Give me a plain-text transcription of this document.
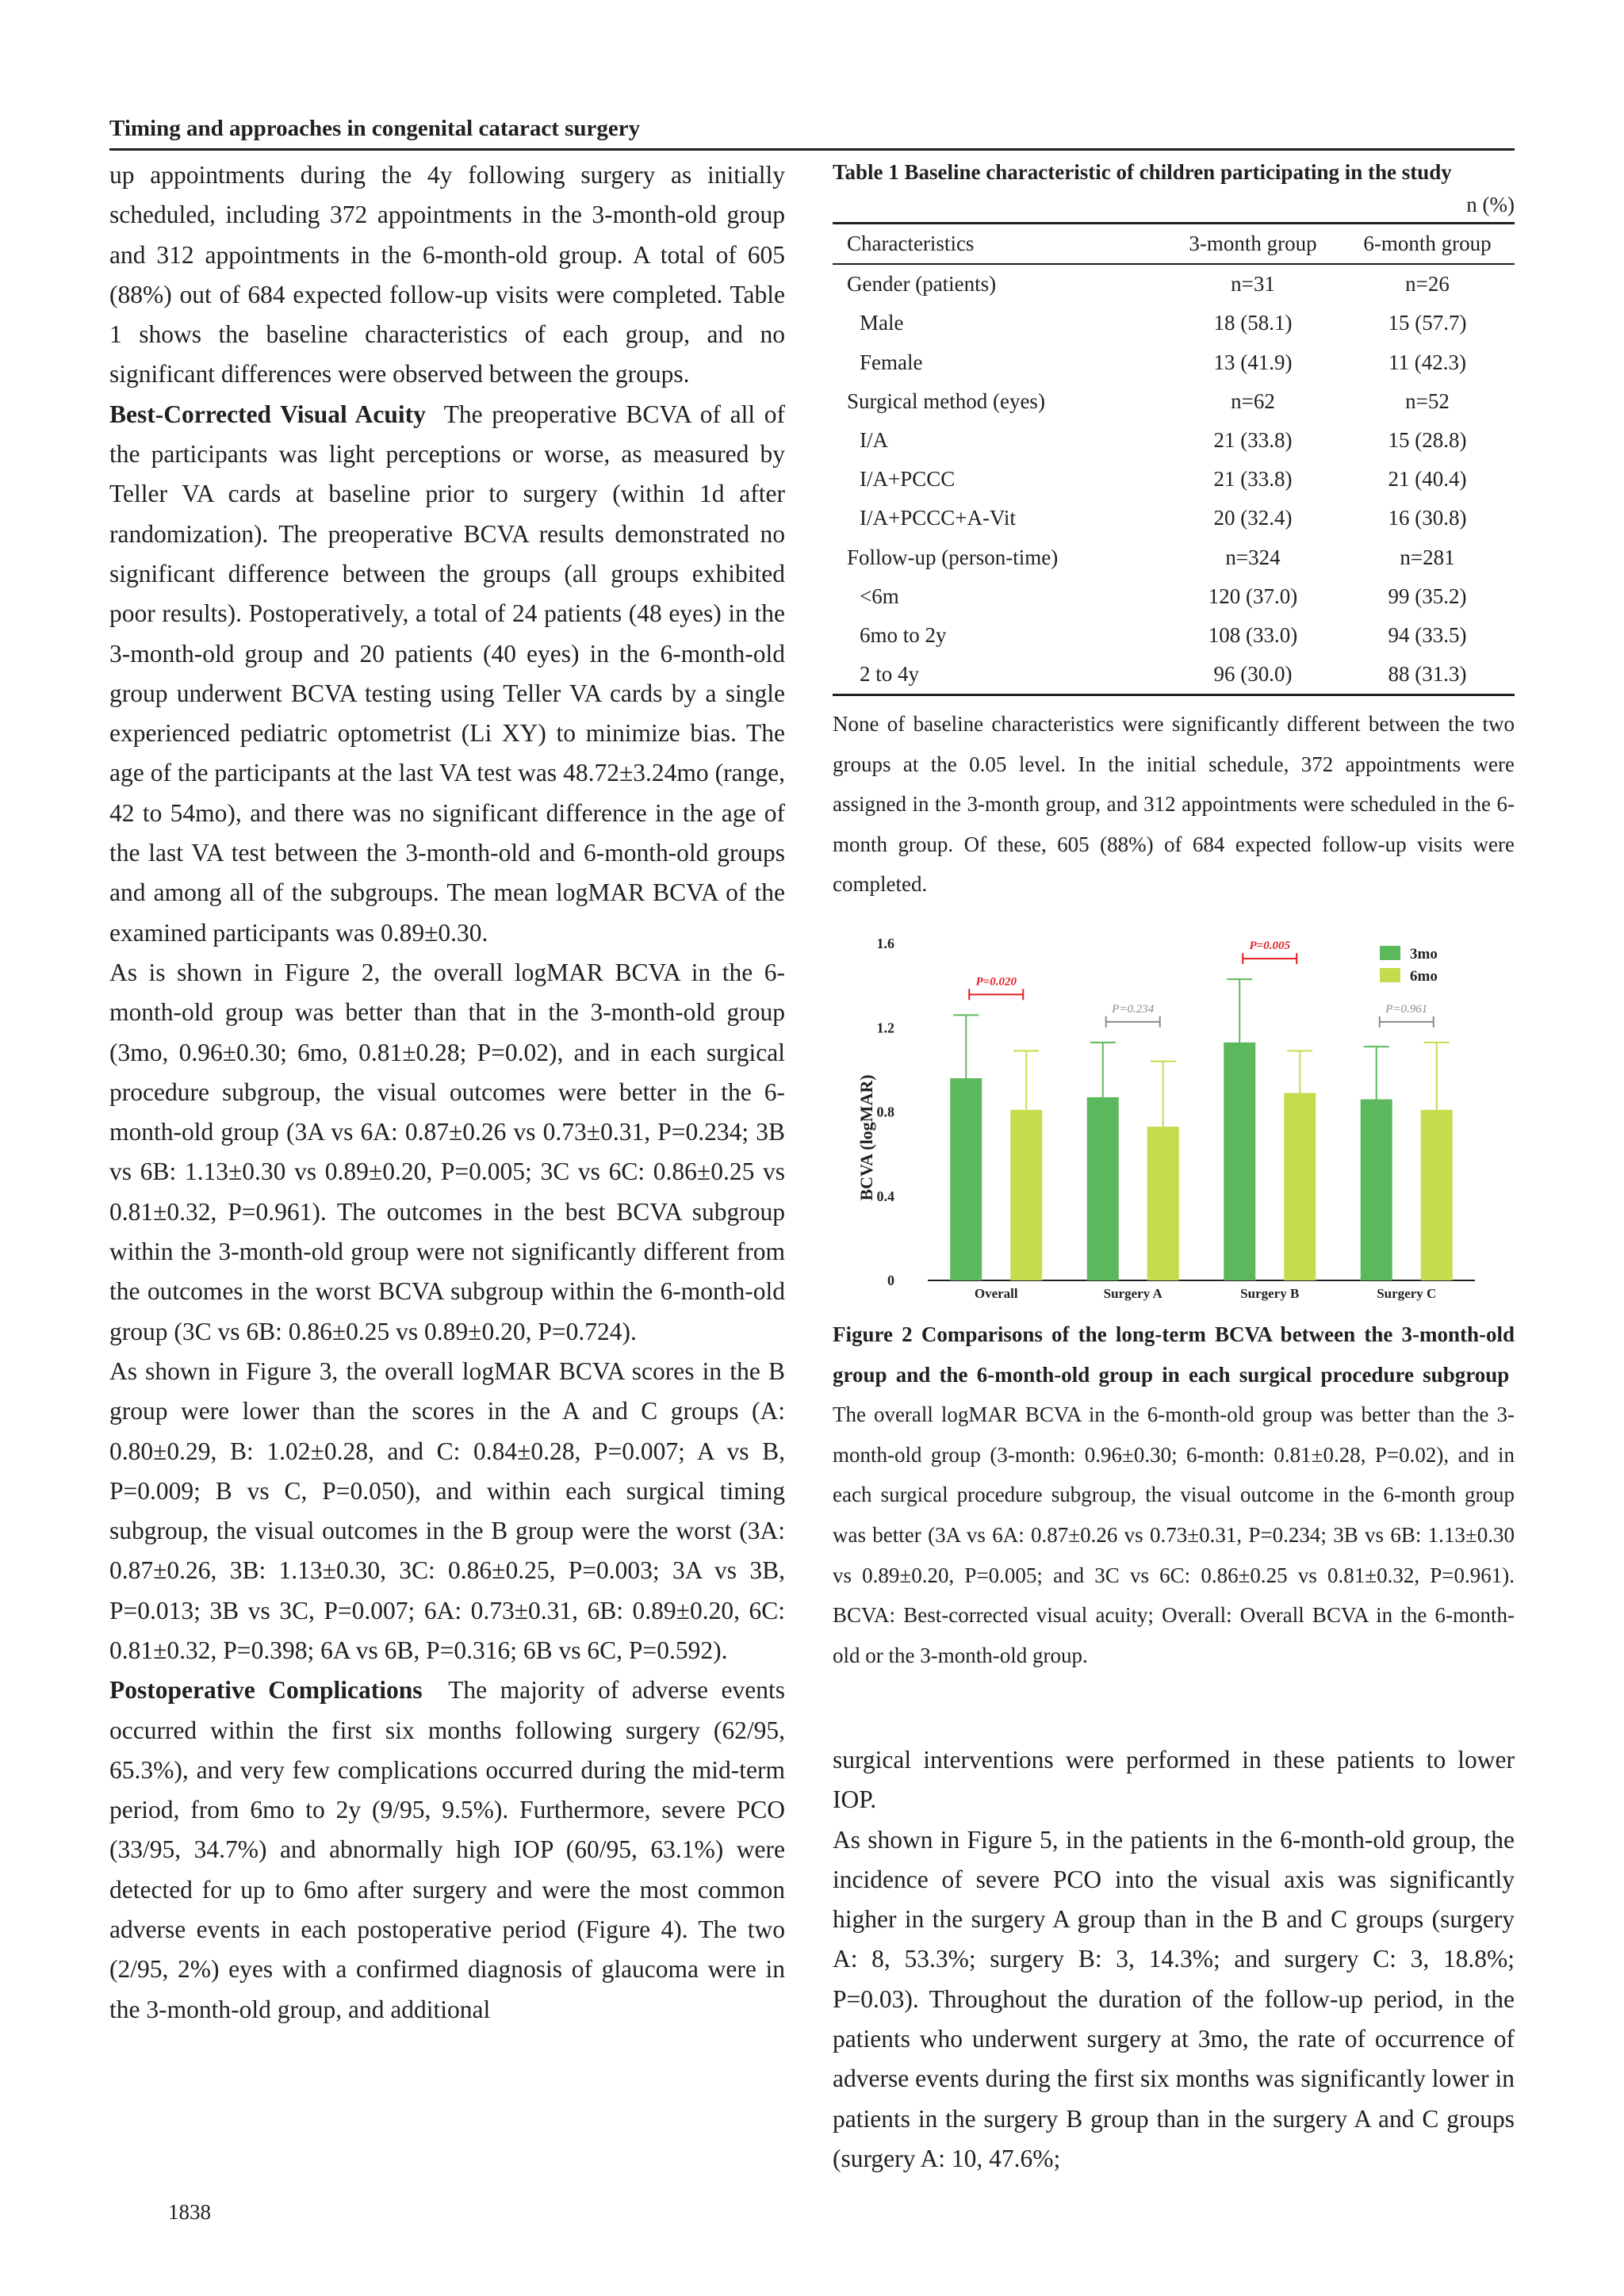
Timing and approaches in congenital cataract surgery

up appointments during the 4y following surgery as initially scheduled, including 372 appointments in the 3-month-old group and 312 appointments in the 6-month-old group. A total of 605 (88%) out of 684 expected follow-up visits were completed. Table 1 shows the baseline characteristics of each group, and no significant differences were observed between the groups.

Best-Corrected Visual Acuity The preoperative BCVA of all of the participants was light perceptions or worse, as measured by Teller VA cards at baseline prior to surgery (within 1d after randomization). The preoperative BCVA results demonstrated no significant difference between the groups (all groups exhibited poor results). Postoperatively, a total of 24 patients (48 eyes) in the 3-month-old group and 20 patients (40 eyes) in the 6-month-old group underwent BCVA testing using Teller VA cards by a single experienced pediatric optometrist (Li XY) to minimize bias. The age of the participants at the last VA test was 48.72±3.24mo (range, 42 to 54mo), and there was no significant difference in the age of the last VA test between the 3-month-old and 6-month-old groups and among all of the subgroups. The mean logMAR BCVA of the examined participants was 0.89±0.30.

As is shown in Figure 2, the overall logMAR BCVA in the 6-month-old group was better than that in the 3-month-old group (3mo, 0.96±0.30; 6mo, 0.81±0.28; P=0.02), and in each surgical procedure subgroup, the visual outcomes were better in the 6-month-old group (3A vs 6A: 0.87±0.26 vs 0.73±0.31, P=0.234; 3B vs 6B: 1.13±0.30 vs 0.89±0.20, P=0.005; 3C vs 6C: 0.86±0.25 vs 0.81±0.32, P=0.961). The outcomes in the best BCVA subgroup within the 3-month-old group were not significantly different from the outcomes in the worst BCVA subgroup within the 6-month-old group (3C vs 6B: 0.86±0.25 vs 0.89±0.20, P=0.724).

As shown in Figure 3, the overall logMAR BCVA scores in the B group were lower than the scores in the A and C groups (A: 0.80±0.29, B: 1.02±0.28, and C: 0.84±0.28, P=0.007; A vs B, P=0.009; B vs C, P=0.050), and within each surgical timing subgroup, the visual outcomes in the B group were the worst (3A: 0.87±0.26, 3B: 1.13±0.30, 3C: 0.86±0.25, P=0.003; 3A vs 3B, P=0.013; 3B vs 3C, P=0.007; 6A: 0.73±0.31, 6B: 0.89±0.20, 6C: 0.81±0.32, P=0.398; 6A vs 6B, P=0.316; 6B vs 6C, P=0.592).

Postoperative Complications The majority of adverse events occurred within the first six months following surgery (62/95, 65.3%), and very few complications occurred during the mid-term period, from 6mo to 2y (9/95, 9.5%). Furthermore, severe PCO (33/95, 34.7%) and abnormally high IOP (60/95, 63.1%) were detected for up to 6mo after surgery and were the most common adverse events in each postoperative period (Figure 4). The two (2/95, 2%) eyes with a confirmed diagnosis of glaucoma were in the 3-month-old group, and additional

Table 1 Baseline characteristic of children participating in the study
n (%)
Characteristics	3-month group	6-month group
Gender (patients)	n=31	n=26
Male	18 (58.1)	15 (57.7)
Female	13 (41.9)	11 (42.3)
Surgical method (eyes)	n=62	n=52
I/A	21 (33.8)	15 (28.8)
I/A+PCCC	21 (33.8)	21 (40.4)
I/A+PCCC+A-Vit	20 (32.4)	16 (30.8)
Follow-up (person-time)	n=324	n=281
<6m	120 (37.0)	99 (35.2)
6mo to 2y	108 (33.0)	94 (33.5)
2 to 4y	96 (30.0)	88 (31.3)
None of baseline characteristics were significantly different between the two groups at the 0.05 level. In the initial schedule, 372 appointments were assigned in the 3-month group, and 312 appointments were scheduled in the 6-month group. Of these, 605 (88%) of 684 expected follow-up visits were completed.
BCVA (logMAR)
0
0.4
0.8
1.2
1.6
Overall
P=0.020
Surgery A
P=0.234
Surgery B
P=0.005
Surgery C
P=0.961
3mo
6mo
Figure 2 Comparisons of the long-term BCVA between the 3-month-old group and the 6-month-old group in each surgical procedure subgroup  The overall logMAR BCVA in the 6-month-old group was better than the 3-month-old group (3-month: 0.96±0.30; 6-month: 0.81±0.28, P=0.02), and in each surgical procedure subgroup, the visual outcome in the 6-month group was better (3A vs 6A: 0.87±0.26 vs 0.73±0.31, P=0.234; 3B vs 6B: 1.13±0.30 vs 0.89±0.20, P=0.005; and 3C vs 6C: 0.86±0.25 vs 0.81±0.32, P=0.961). BCVA: Best-corrected visual acuity; Overall: Overall BCVA in the 6-month-old or the 3-month-old group.

surgical interventions were performed in these patients to lower IOP.

As shown in Figure 5, in the patients in the 6-month-old group, the incidence of severe PCO into the visual axis was significantly higher in the surgery A group than in the B and C groups (surgery A: 8, 53.3%; surgery B: 3, 14.3%; and surgery C: 3, 18.8%; P=0.03). Throughout the duration of the follow-up period, in the patients who underwent surgery at 3mo, the rate of occurrence of adverse events during the first six months was significantly lower in patients in the surgery B group than in the surgery A and C groups (surgery A: 10, 47.6%;

1838
